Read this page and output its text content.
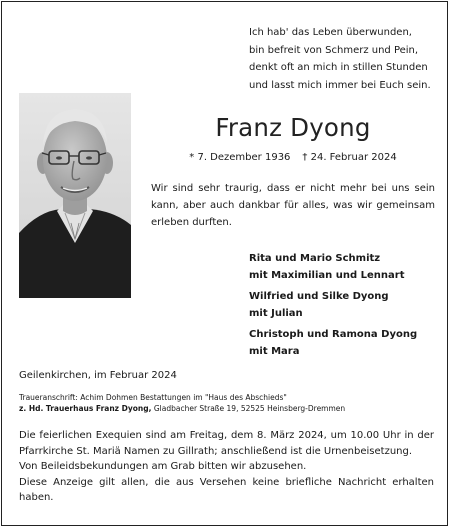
Ich hab' das Leben überwunden,
bin befreit von Schmerz und Pein,
denkt oft an mich in stillen Stunden
und lasst mich immer bei Euch sein.
Franz Dyong
* 7. Dezember 1936 † 24. Februar 2024
Wir sind sehr traurig, dass er nicht mehr bei uns sein kann, aber auch dankbar für alles, was wir gemeinsam erleben durften.
Rita und Mario Schmitz
mit Maximilian und Lennart
Wilfried und Silke Dyong
mit Julian
Christoph und Ramona Dyong
mit Mara
Geilenkirchen, im Februar 2024
Traueranschrift: Achim Dohmen Bestattungen im "Haus des Abschieds"
z. Hd. Trauerhaus Franz Dyong, Gladbacher Straße 19, 52525 Heinsberg-Dremmen

Die feierlichen Exequien sind am Freitag, dem 8. März 2024, um 10.00 Uhr in der Pfarrkirche St. Mariä Namen zu Gillrath; anschließend ist die Urnenbeisetzung.

Von Beileidsbekundungen am Grab bitten wir abzusehen.

Diese Anzeige gilt allen, die aus Versehen keine briefliche Nachricht erhalten haben.
